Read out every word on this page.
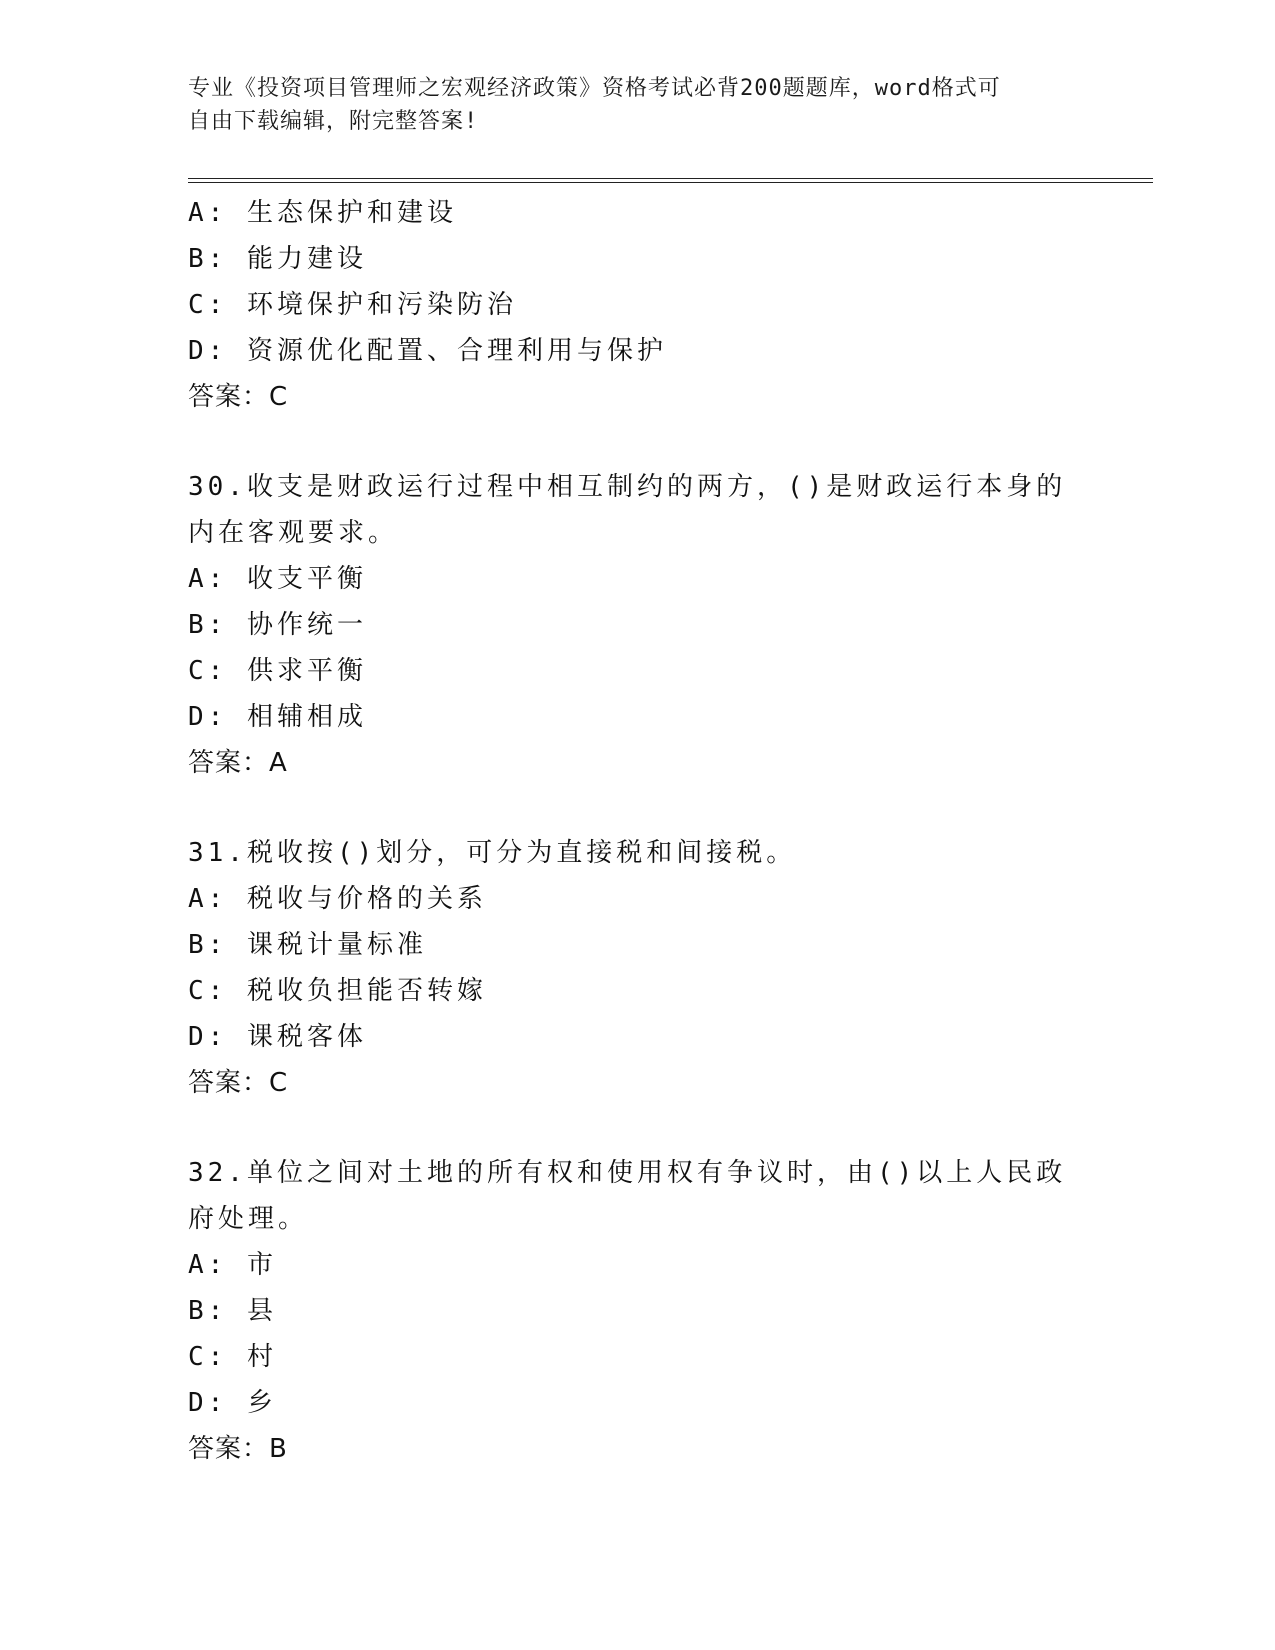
专业《投资项目管理师之宏观经济政策》资格考试必背200题题库，word格式可
自由下载编辑，附完整答案!
A: 生态保护和建设
B: 能力建设
C: 环境保护和污染防治
D: 资源优化配置、合理利用与保护
答案：C
30.收支是财政运行过程中相互制约的两方，()是财政运行本身的内在客观要求。
A: 收支平衡
B: 协作统一
C: 供求平衡
D: 相辅相成
答案：A
31.税收按()划分，可分为直接税和间接税。
A: 税收与价格的关系
B: 课税计量标准
C: 税收负担能否转嫁
D: 课税客体
答案：C
32.单位之间对土地的所有权和使用权有争议时，由()以上人民政府处理。
A: 市
B: 县
C: 村
D: 乡
答案：B
